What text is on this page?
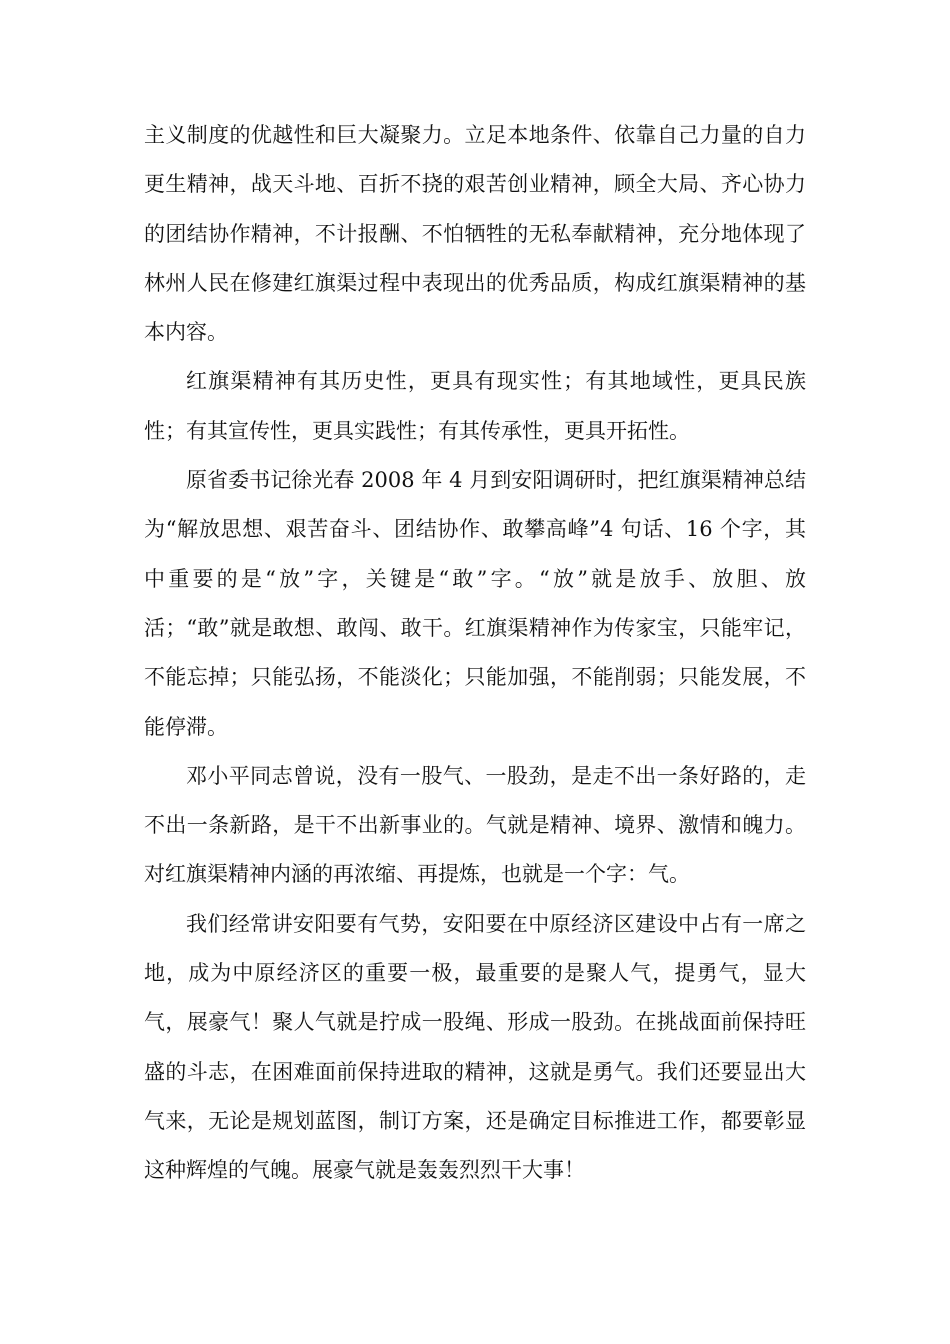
主义制度的优越性和巨大凝聚力。立足本地条件、依靠自己力量的自力更生精神，战天斗地、百折不挠的艰苦创业精神，顾全大局、齐心协力的团结协作精神，不计报酬、不怕牺牲的无私奉献精神，充分地体现了林州人民在修建红旗渠过程中表现出的优秀品质，构成红旗渠精神的基本内容。

红旗渠精神有其历史性，更具有现实性；有其地域性，更具民族性；有其宣传性，更具实践性；有其传承性，更具开拓性。

原省委书记徐光春 2008 年 4 月到安阳调研时，把红旗渠精神总结为“解放思想、艰苦奋斗、团结协作、敢攀高峰”4 句话、16 个字，其中重要的是“放”字，关键是“敢”字。“放”就是放手、放胆、放活；“敢”就是敢想、敢闯、敢干。红旗渠精神作为传家宝，只能牢记，不能忘掉；只能弘扬，不能淡化；只能加强，不能削弱；只能发展，不能停滞。

邓小平同志曾说，没有一股气、一股劲，是走不出一条好路的，走不出一条新路，是干不出新事业的。气就是精神、境界、激情和魄力。对红旗渠精神内涵的再浓缩、再提炼，也就是一个字：气。

我们经常讲安阳要有气势，安阳要在中原经济区建设中占有一席之地，成为中原经济区的重要一极，最重要的是聚人气，提勇气，显大气，展豪气！聚人气就是拧成一股绳、形成一股劲。在挑战面前保持旺盛的斗志，在困难面前保持进取的精神，这就是勇气。我们还要显出大气来，无论是规划蓝图，制订方案，还是确定目标推进工作，都要彰显这种辉煌的气魄。展豪气就是轰轰烈烈干大事！
